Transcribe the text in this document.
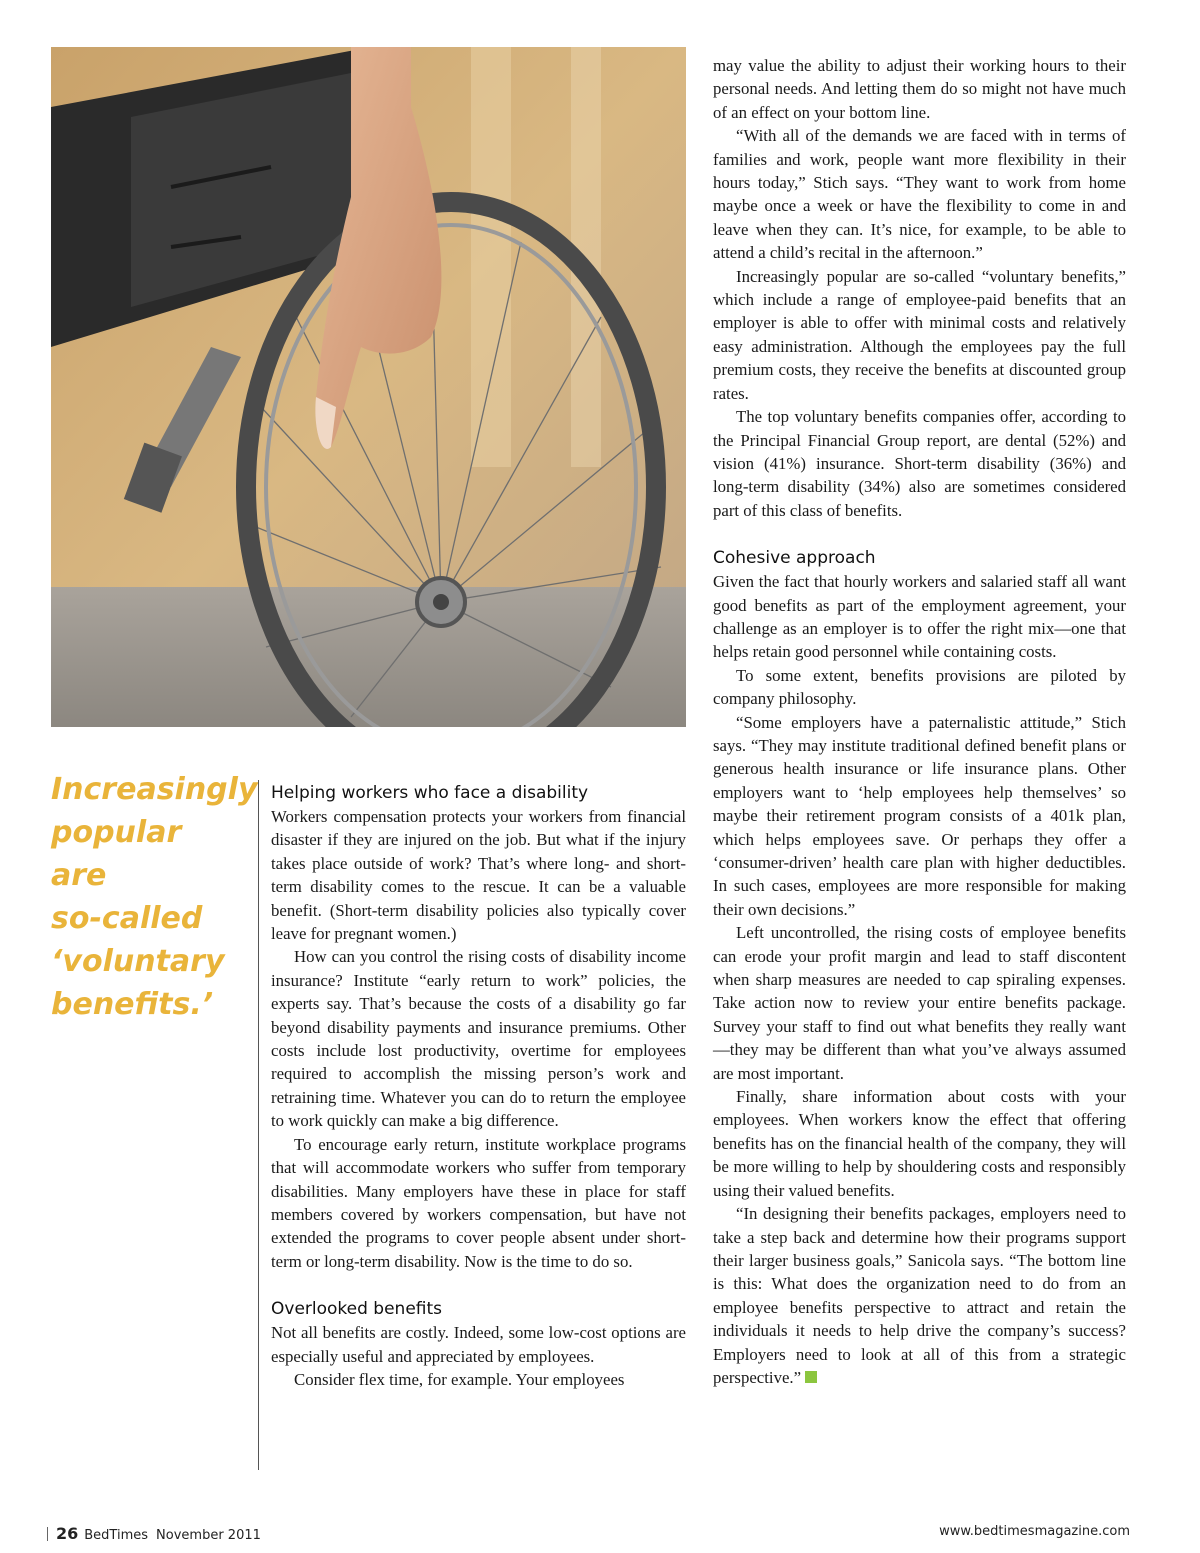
Increasingly
popular are
so-called
‘voluntary
benefits.’
Helping workers who face a disability

Workers compensation protects your workers from financial disaster if they are injured on the job. But what if the injury takes place outside of work? That’s where long- and short-term disability comes to the rescue. It can be a valuable benefit. (Short-term disability policies also typically cover leave for pregnant women.)

How can you control the rising costs of disability income insurance? Institute “early return to work” policies, the experts say. That’s because the costs of a disability go far beyond disability payments and insurance premiums. Other costs include lost productivity, overtime for employees required to accomplish the missing person’s work and retraining time. Whatever you can do to return the employee to work quickly can make a big difference.

To encourage early return, institute workplace programs that will accommodate workers who suffer from temporary disabilities. Many employers have these in place for staff members covered by workers compensation, but have not extended the programs to cover people absent under short-term or long-term disability. Now is the time to do so.

Overlooked benefits

Not all benefits are costly. Indeed, some low-cost options are especially useful and appreciated by employees.

Consider flex time, for example. Your employees

may value the ability to adjust their working hours to their personal needs. And letting them do so might not have much of an effect on your bottom line.

“With all of the demands we are faced with in terms of families and work, people want more flexibility in their hours today,” Stich says. “They want to work from home maybe once a week or have the flexibility to come in and leave when they can. It’s nice, for example, to be able to attend a child’s recital in the afternoon.”

Increasingly popular are so-called “voluntary benefits,” which include a range of employee-paid benefits that an employer is able to offer with minimal costs and relatively easy administration. Although the employees pay the full premium costs, they receive the benefits at discounted group rates.

The top voluntary benefits companies offer, according to the Principal Financial Group report, are dental (52%) and vision (41%) insurance. Short-term disability (36%) and long-term disability (34%) also are sometimes considered part of this class of benefits.

Cohesive approach

Given the fact that hourly workers and salaried staff all want good benefits as part of the employment agreement, your challenge as an employer is to offer the right mix—one that helps retain good personnel while containing costs.

To some extent, benefits provisions are piloted by company philosophy.

“Some employers have a paternalistic attitude,” Stich says. “They may institute traditional defined benefit plans or generous health insurance or life insurance plans. Other employers want to ‘help employees help themselves’ so maybe their retirement program consists of a 401k plan, which helps employees save. Or perhaps they offer a ‘consumer-driven’ health care plan with higher deductibles. In such cases, employees are more responsible for making their own decisions.”

Left uncontrolled, the rising costs of employee benefits can erode your profit margin and lead to staff discontent when sharp measures are needed to cap spiraling expenses. Take action now to review your entire benefits package. Survey your staff to find out what benefits they really want—they may be different than what you’ve always assumed are most important.

Finally, share information about costs with your employees. When workers know the effect that offering benefits has on the financial health of the company, they will be more willing to help by shouldering costs and responsibly using their valued benefits.

“In designing their benefits packages, employers need to take a step back and determine how their programs support their larger business goals,” Sanicola says. “The bottom line is this: What does the organization need to do from an employee benefits perspective to attract and retain the individuals it needs to help drive the company’s success? Employers need to look at all of this from a strategic perspective.”

26 BedTimes November 2011	www.bedtimesmagazine.com
